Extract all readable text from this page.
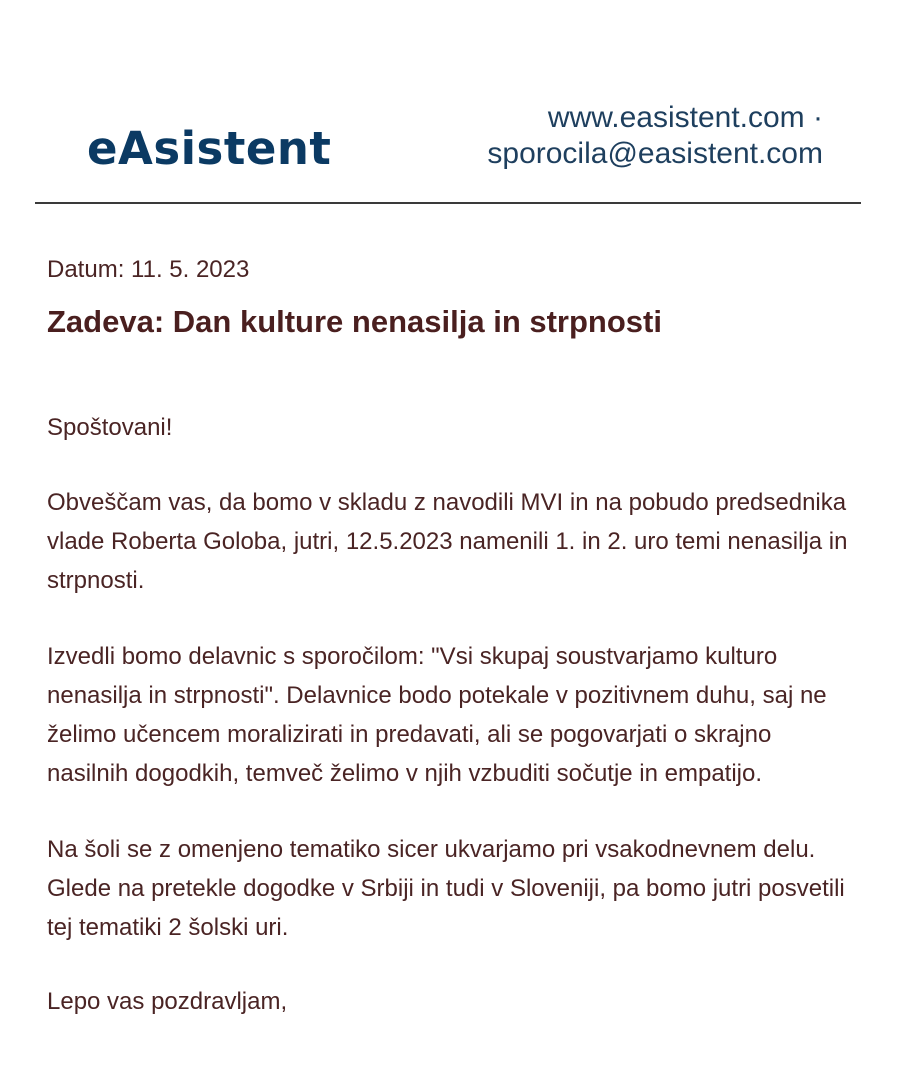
eAsistent
www.easistent.com ·
sporocila@easistent.com

Datum: 11. 5. 2023

Zadeva: Dan kulture nenasilja in strpnosti

Spoštovani!

Obveščam vas, da bomo v skladu z navodili MVI in na pobudo predsednika vlade Roberta Goloba, jutri, 12.5.2023 namenili 1. in 2. uro temi nenasilja in strpnosti.

Izvedli bomo delavnic s sporočilom: "Vsi skupaj soustvarjamo kulturo nenasilja in strpnosti". Delavnice bodo potekale v pozitivnem duhu, saj ne želimo učencem moralizirati in predavati, ali se pogovarjati o skrajno nasilnih dogodkih, temveč želimo v njih vzbuditi sočutje in empatijo.

Na šoli se z omenjeno tematiko sicer ukvarjamo pri vsakodnevnem delu. Glede na pretekle dogodke v Srbiji in tudi v Sloveniji, pa bomo jutri posvetili tej tematiki 2 šolski uri.

Lepo vas pozdravljam,
